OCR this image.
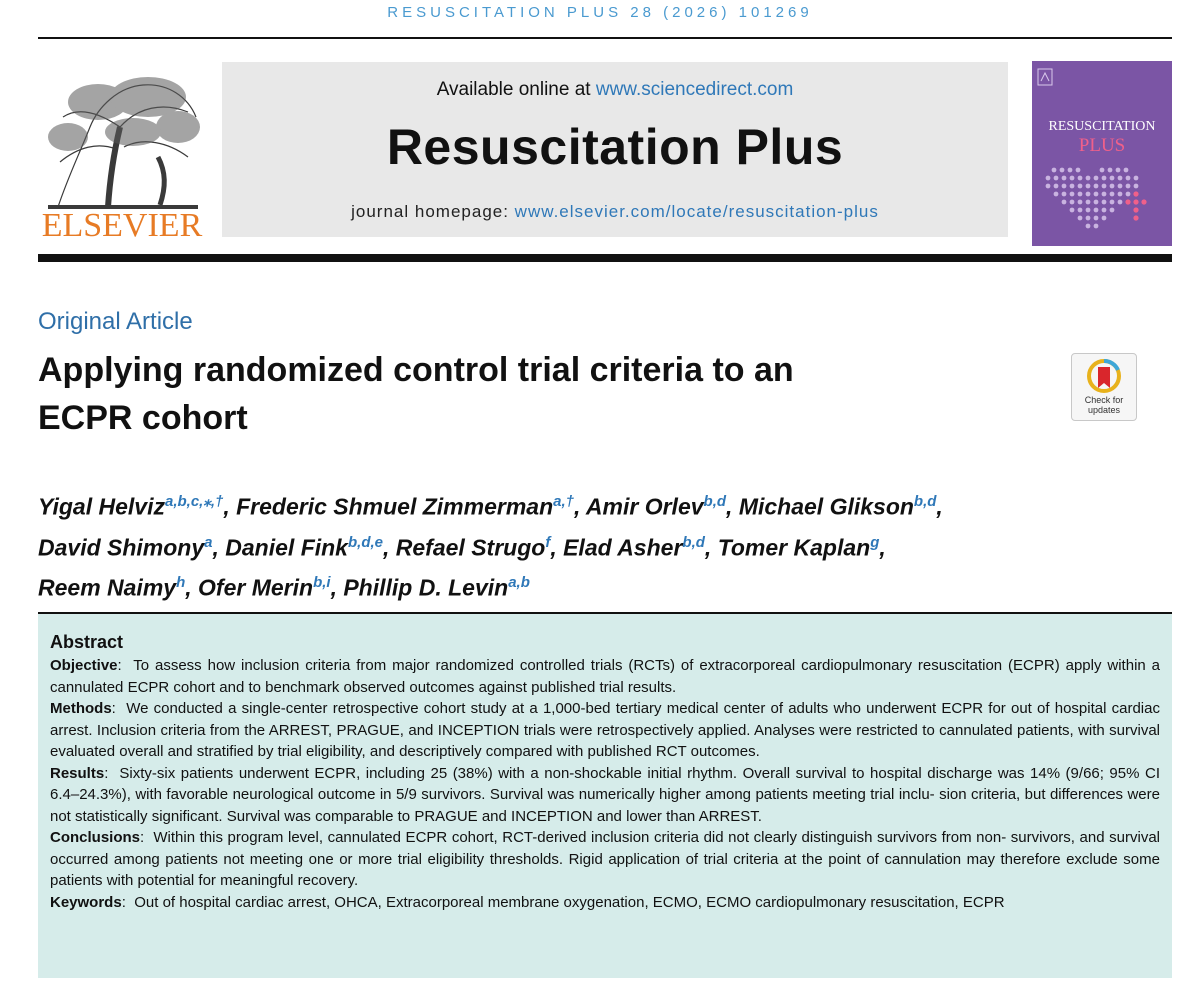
RESUSCITATION PLUS 28 (2026) 101269
ELSEVIER
Available online at www.sciencedirect.com
Resuscitation Plus
journal homepage: www.elsevier.com/locate/resuscitation-plus
RESUSCITATION
PLUS
Original Article
Applying randomized control trial criteria to an
ECPR cohort	Check for
updates
Yigal Helviz$^{a,b,c,⁎,\dagger}$, Frederic Shmuel Zimmerman$^{a,\dagger}$, Amir Orlev$^{b,d}$, Michael Glikson$^{b,d}$,
David Shimony$^a$, Daniel Fink$^{b,d,e}$, Refael Strugo$^f$, Elad Asher$^{b,d}$, Tomer Kaplan$^g$,
Reem Naimy$^h$, Ofer Merin$^{b,i}$, Phillip D. Levin$^{a,b}$
Abstract

Objective:  To assess how inclusion criteria from major randomized controlled trials (RCTs) of extracorporeal cardiopulmonary resuscitation (ECPR) apply within a cannulated ECPR cohort and to benchmark observed outcomes against published trial results.

Methods:  We conducted a single-center retrospective cohort study at a 1,000-bed tertiary medical center of adults who underwent ECPR for out of hospital cardiac arrest. Inclusion criteria from the ARREST, PRAGUE, and INCEPTION trials were retrospectively applied. Analyses were restricted to cannulated patients, with survival evaluated overall and stratified by trial eligibility, and descriptively compared with published RCT outcomes.

Results:  Sixty-six patients underwent ECPR, including 25 (38%) with a non-shockable initial rhythm. Overall survival to hospital discharge was 14% (9/66; 95% CI 6.4–24.3%), with favorable neurological outcome in 5/9 survivors. Survival was numerically higher among patients meeting trial inclu- sion criteria, but differences were not statistically significant. Survival was comparable to PRAGUE and INCEPTION and lower than ARREST.

Conclusions:  Within this program level, cannulated ECPR cohort, RCT-derived inclusion criteria did not clearly distinguish survivors from non- survivors, and survival occurred among patients not meeting one or more trial eligibility thresholds. Rigid application of trial criteria at the point of cannulation may therefore exclude some patients with potential for meaningful recovery.

Keywords:  Out of hospital cardiac arrest, OHCA, Extracorporeal membrane oxygenation, ECMO, ECMO cardiopulmonary resuscitation, ECPR
